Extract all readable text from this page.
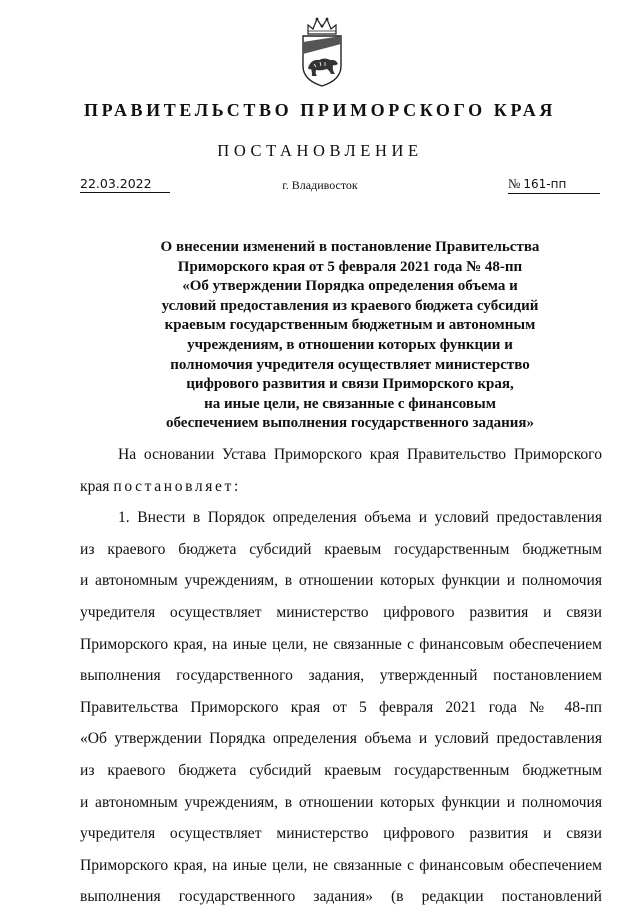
ПРАВИТЕЛЬСТВО ПРИМОРСКОГО КРАЯ
ПОСТАНОВЛЕНИЕ
22.03.2022	г. Владивосток	№ 161-пп
О внесении изменений в постановление Правительства
Приморского края от 5 февраля 2021 года № 48-пп
«Об утверждении Порядка определения объема и
условий предоставления из краевого бюджета субсидий
краевым государственным бюджетным и автономным
учреждениям, в отношении которых функции и
полномочия учредителя осуществляет министерство
цифрового развития и связи Приморского края,
на иные цели, не связанные с финансовым
обеспечением выполнения государственного задания»
На основании Устава Приморского края Правительство Приморского
края постановляет:
1. Внести в Порядок определения объема и условий предоставления
из краевого бюджета субсидий краевым государственным бюджетным
и автономным учреждениям, в отношении которых функции и полномочия
учредителя осуществляет министерство цифрового развития и связи
Приморского края, на иные цели, не связанные с финансовым обеспечением
выполнения государственного задания, утвержденный постановлением
Правительства Приморского края от 5 февраля 2021 года № 48-пп
«Об утверждении Порядка определения объема и условий предоставления
из краевого бюджета субсидий краевым государственным бюджетным
и автономным учреждениям, в отношении которых функции и полномочия
учредителя осуществляет министерство цифрового развития и связи
Приморского края, на иные цели, не связанные с финансовым обеспечением
выполнения государственного задания» (в редакции постановлений
